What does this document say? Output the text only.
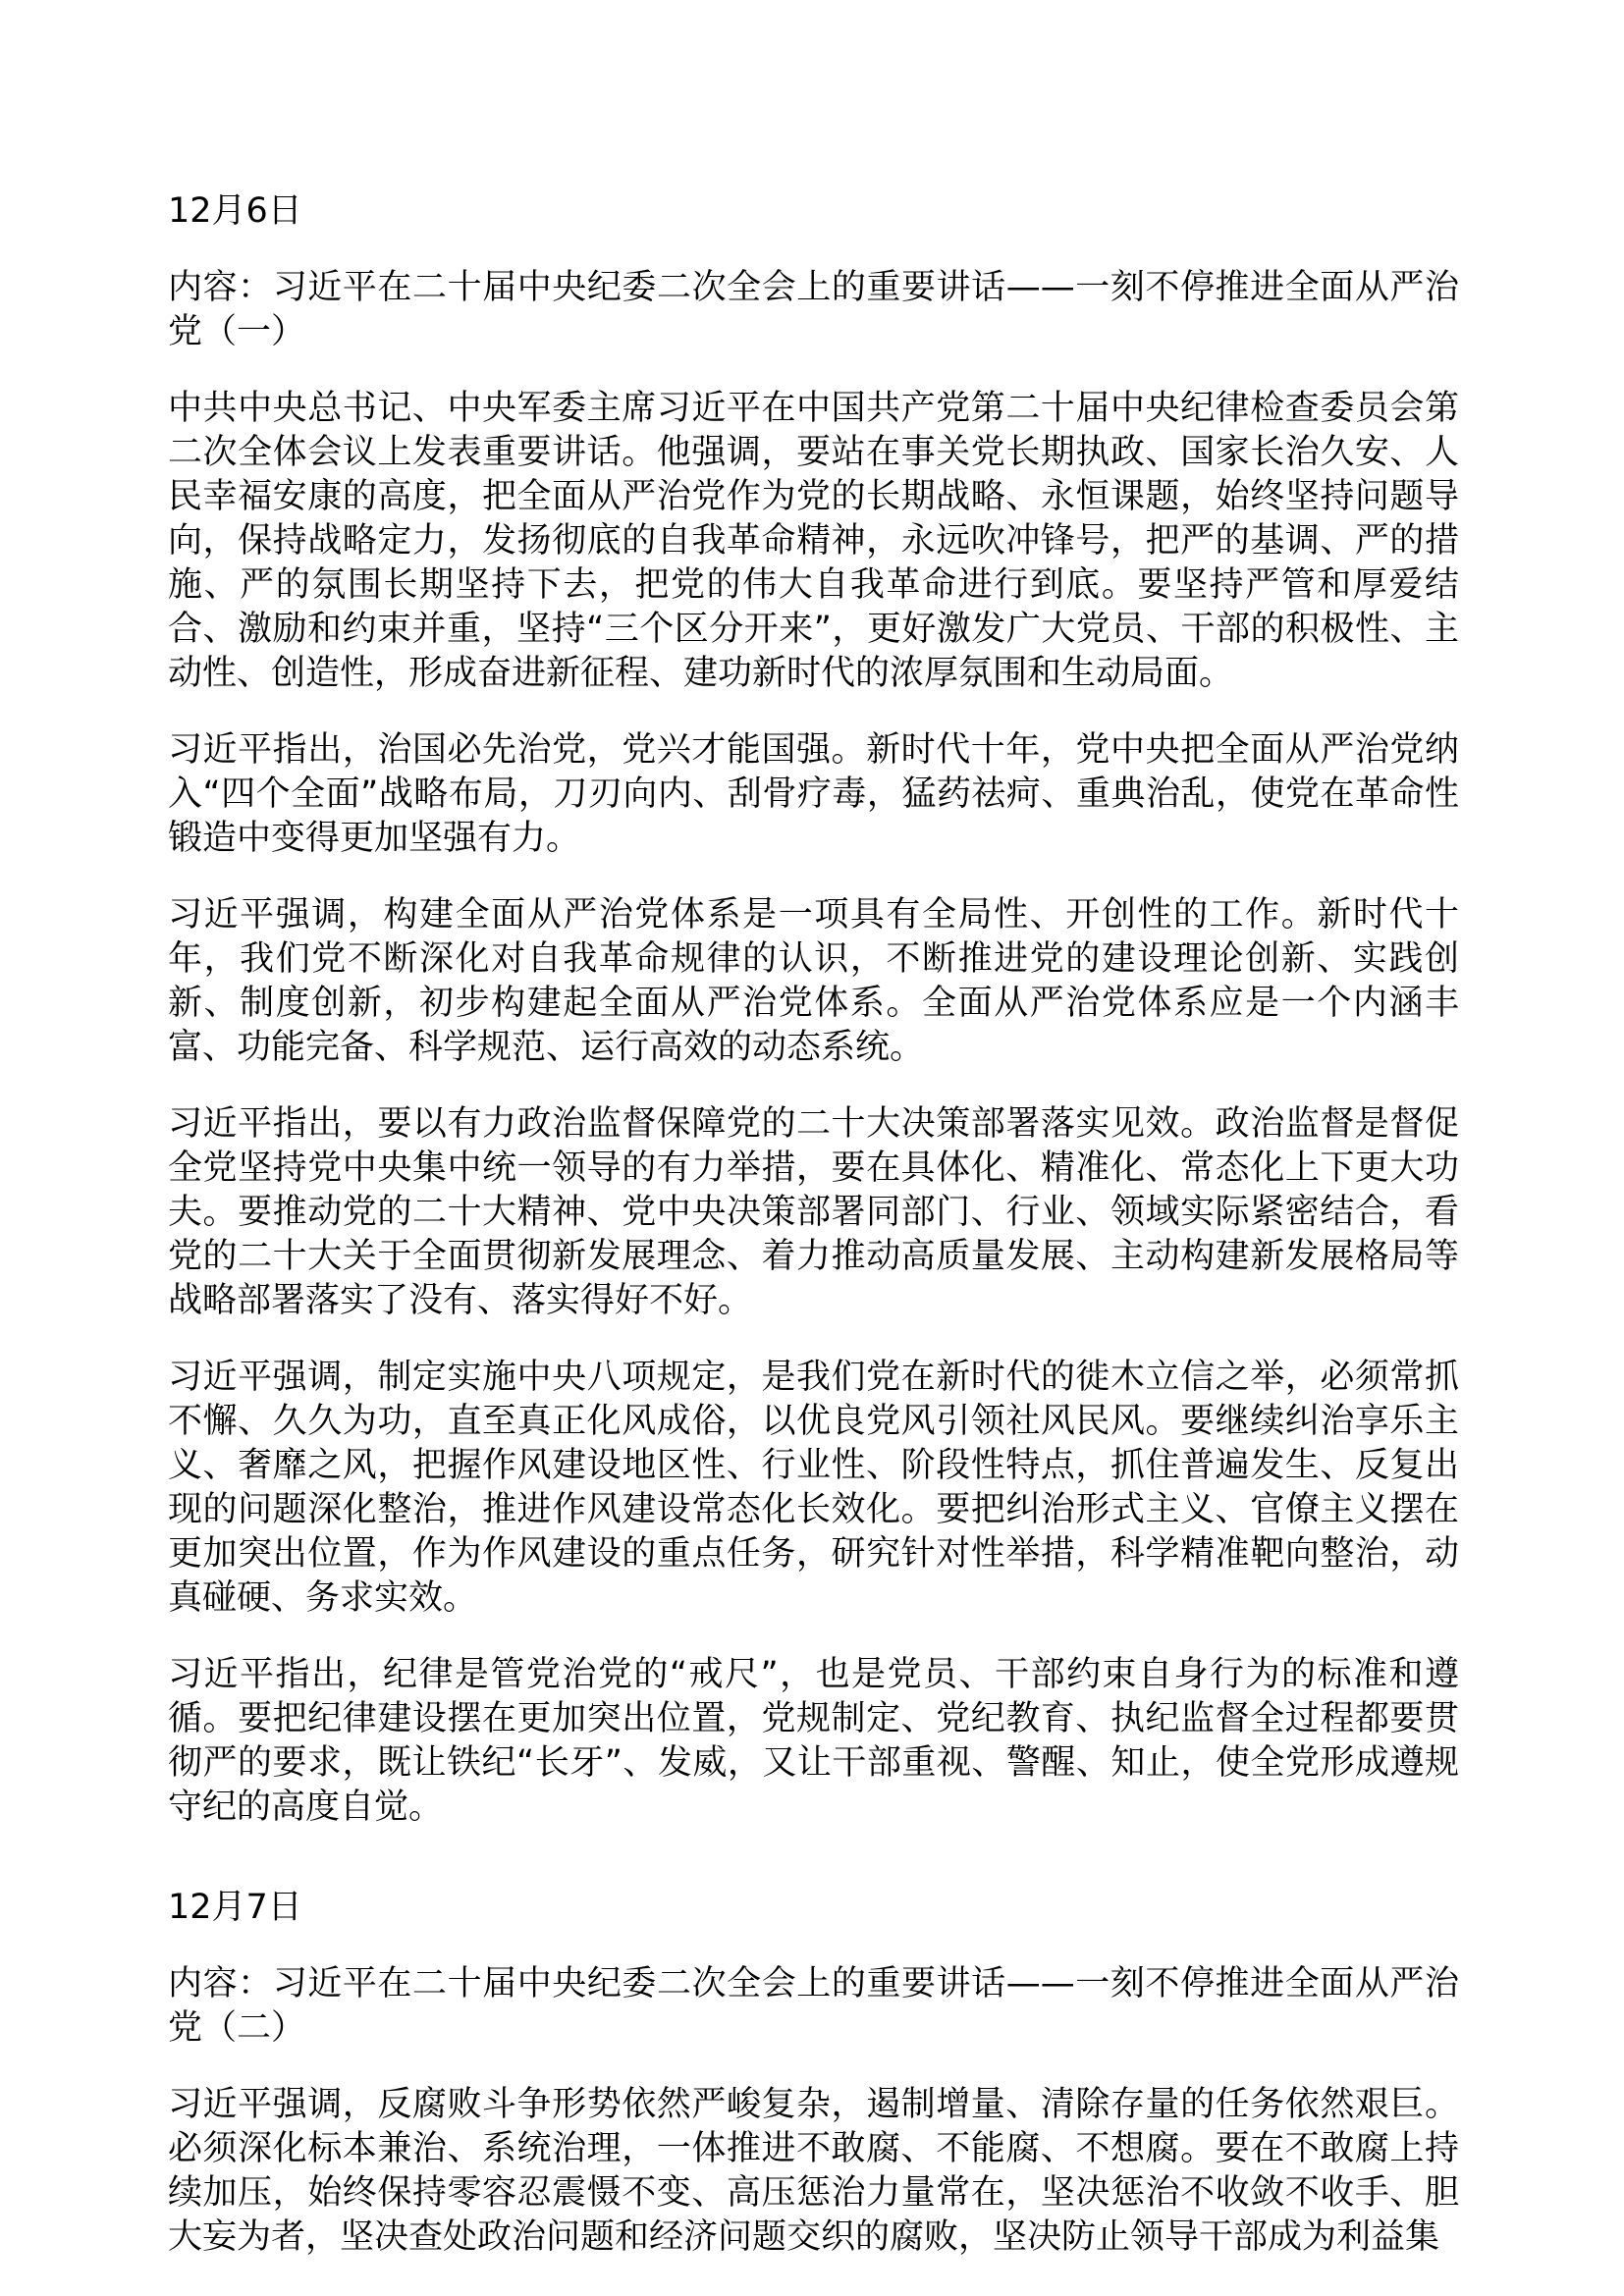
12月6日

内容：习近平在二十届中央纪委二次全会上的重要讲话——一刻不停推进全面从严治党（一）

中共中央总书记、中央军委主席习近平在中国共产党第二十届中央纪律检查委员会第二次全体会议上发表重要讲话。他强调，要站在事关党长期执政、国家长治久安、人民幸福安康的高度，把全面从严治党作为党的长期战略、永恒课题，始终坚持问题导向，保持战略定力，发扬彻底的自我革命精神，永远吹冲锋号，把严的基调、严的措施、严的氛围长期坚持下去，把党的伟大自我革命进行到底。要坚持严管和厚爱结合、激励和约束并重，坚持“三个区分开来”，更好激发广大党员、干部的积极性、主动性、创造性，形成奋进新征程、建功新时代的浓厚氛围和生动局面。

习近平指出，治国必先治党，党兴才能国强。新时代十年，党中央把全面从严治党纳入“四个全面”战略布局，刀刃向内、刮骨疗毒，猛药祛疴、重典治乱，使党在革命性锻造中变得更加坚强有力。

习近平强调，构建全面从严治党体系是一项具有全局性、开创性的工作。新时代十年，我们党不断深化对自我革命规律的认识，不断推进党的建设理论创新、实践创新、制度创新，初步构建起全面从严治党体系。全面从严治党体系应是一个内涵丰富、功能完备、科学规范、运行高效的动态系统。

习近平指出，要以有力政治监督保障党的二十大决策部署落实见效。政治监督是督促全党坚持党中央集中统一领导的有力举措，要在具体化、精准化、常态化上下更大功夫。要推动党的二十大精神、党中央决策部署同部门、行业、领域实际紧密结合，看党的二十大关于全面贯彻新发展理念、着力推动高质量发展、主动构建新发展格局等战略部署落实了没有、落实得好不好。

习近平强调，制定实施中央八项规定，是我们党在新时代的徙木立信之举，必须常抓不懈、久久为功，直至真正化风成俗，以优良党风引领社风民风。要继续纠治享乐主义、奢靡之风，把握作风建设地区性、行业性、阶段性特点，抓住普遍发生、反复出现的问题深化整治，推进作风建设常态化长效化。要把纠治形式主义、官僚主义摆在更加突出位置，作为作风建设的重点任务，研究针对性举措，科学精准靶向整治，动真碰硬、务求实效。

习近平指出，纪律是管党治党的“戒尺”，也是党员、干部约束自身行为的标准和遵循。要把纪律建设摆在更加突出位置，党规制定、党纪教育、执纪监督全过程都要贯彻严的要求，既让铁纪“长牙”、发威，又让干部重视、警醒、知止，使全党形成遵规守纪的高度自觉。

12月7日

内容：习近平在二十届中央纪委二次全会上的重要讲话——一刻不停推进全面从严治党（二）

习近平强调，反腐败斗争形势依然严峻复杂，遏制增量、清除存量的任务依然艰巨。必须深化标本兼治、系统治理，一体推进不敢腐、不能腐、不想腐。要在不敢腐上持续加压，始终保持零容忍震慑不变、高压惩治力量常在，坚决惩治不收敛不收手、胆大妄为者，坚决查处政治问题和经济问题交织的腐败，坚决防止领导干部成为利益集
